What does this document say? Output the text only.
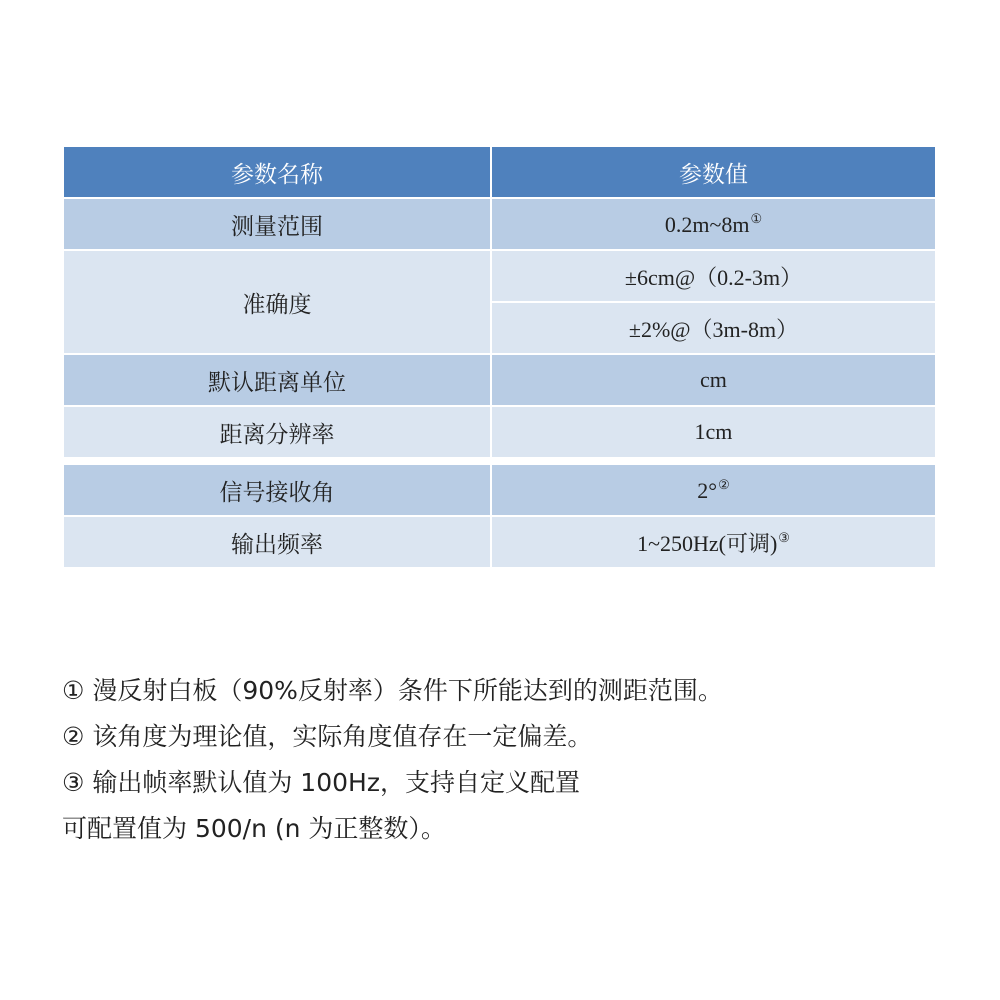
参数名称	参数值
测量范围	0.2m~8m①
准确度	±6cm@（0.2-3m）
	±2%@（3m-8m）
默认距离单位	cm
距离分辨率	1cm

信号接收角	2°②
输出频率	1~250Hz(可调)③
① 漫反射白板（90%反射率）条件下所能达到的测距范围。
② 该角度为理论值，实际角度值存在一定偏差。
③ 输出帧率默认值为 100Hz，支持自定义配置
可配置值为 500/n (n 为正整数）。
